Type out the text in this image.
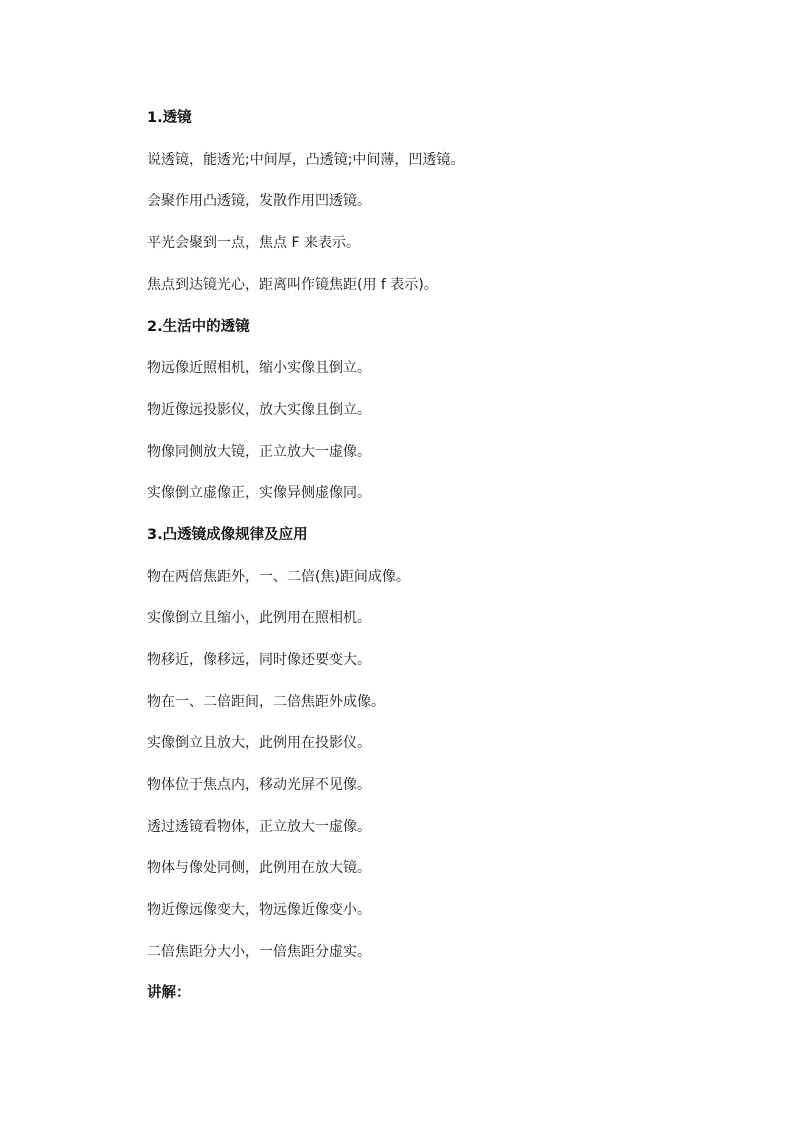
1.透镜
说透镜，能透光;中间厚，凸透镜;中间薄，凹透镜。
会聚作用凸透镜，发散作用凹透镜。
平光会聚到一点，焦点 F 来表示。
焦点到达镜光心，距离叫作镜焦距(用 f 表示)。
2.生活中的透镜
物远像近照相机，缩小实像且倒立。
物近像远投影仪，放大实像且倒立。
物像同侧放大镜，正立放大一虚像。
实像倒立虚像正，实像异侧虚像同。
3.凸透镜成像规律及应用
物在两倍焦距外，一、二倍(焦)距间成像。
实像倒立且缩小，此例用在照相机。
物移近，像移远，同时像还要变大。
物在一、二倍距间，二倍焦距外成像。
实像倒立且放大，此例用在投影仪。
物体位于焦点内，移动光屏不见像。
透过透镜看物体，正立放大一虚像。
物体与像处同侧，此例用在放大镜。
物近像远像变大，物远像近像变小。
二倍焦距分大小，一倍焦距分虚实。
讲解：
